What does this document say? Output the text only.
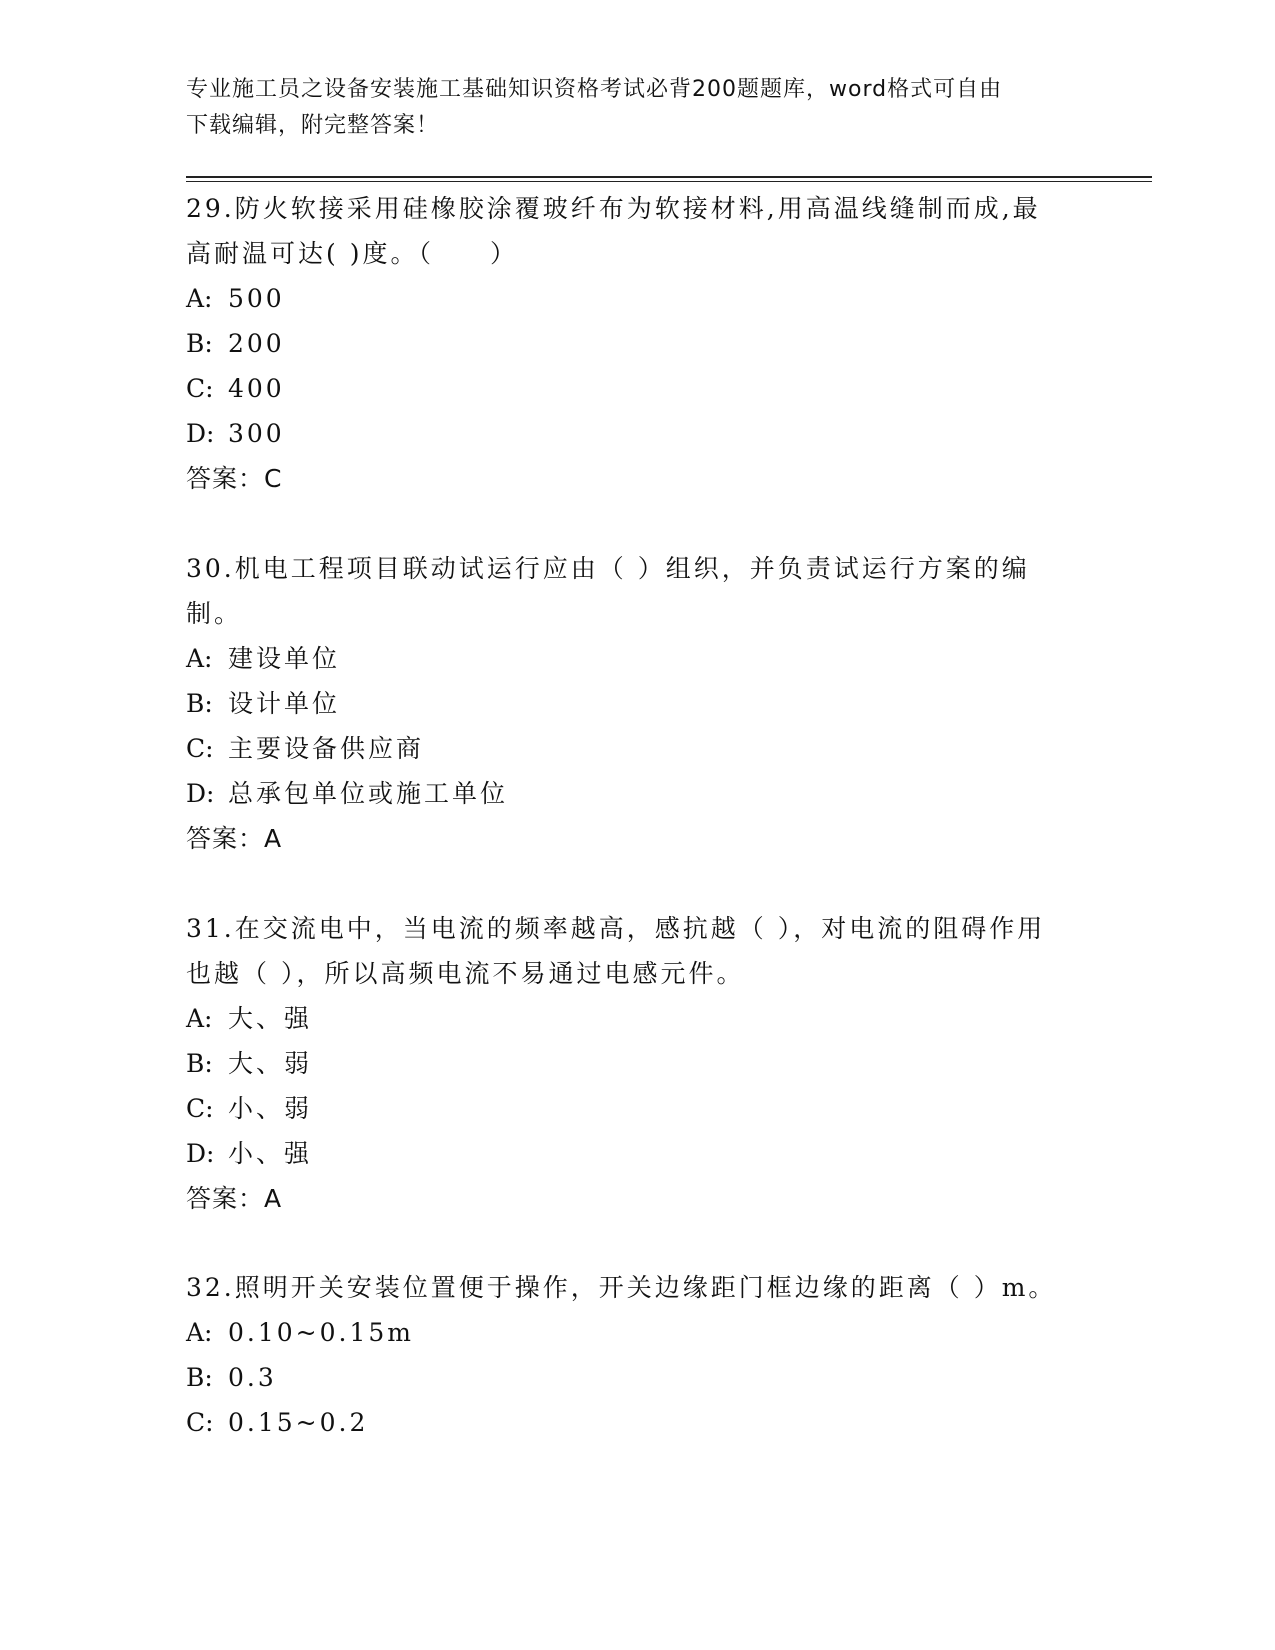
专业施工员之设备安装施工基础知识资格考试必背200题题库，word格式可自由
下载编辑，附完整答案！

29.防火软接采用硅橡胶涂覆玻纤布为软接材料,用高温线缝制而成,最高耐温可达( )度。（　　）

A: 500

B: 200

C: 400

D: 300

答案：C

30.机电工程项目联动试运行应由（ ）组织，并负责试运行方案的编制。

A: 建设单位

B: 设计单位

C: 主要设备供应商

D: 总承包单位或施工单位

答案：A

31.在交流电中，当电流的频率越高，感抗越（ ），对电流的阻碍作用也越（ ），所以高频电流不易通过电感元件。

A: 大、强

B: 大、弱

C: 小、弱

D: 小、强

答案：A

32.照明开关安装位置便于操作，开关边缘距门框边缘的距离（ ）m。

A: 0.10~0.15m

B: 0.3

C: 0.15~0.2
